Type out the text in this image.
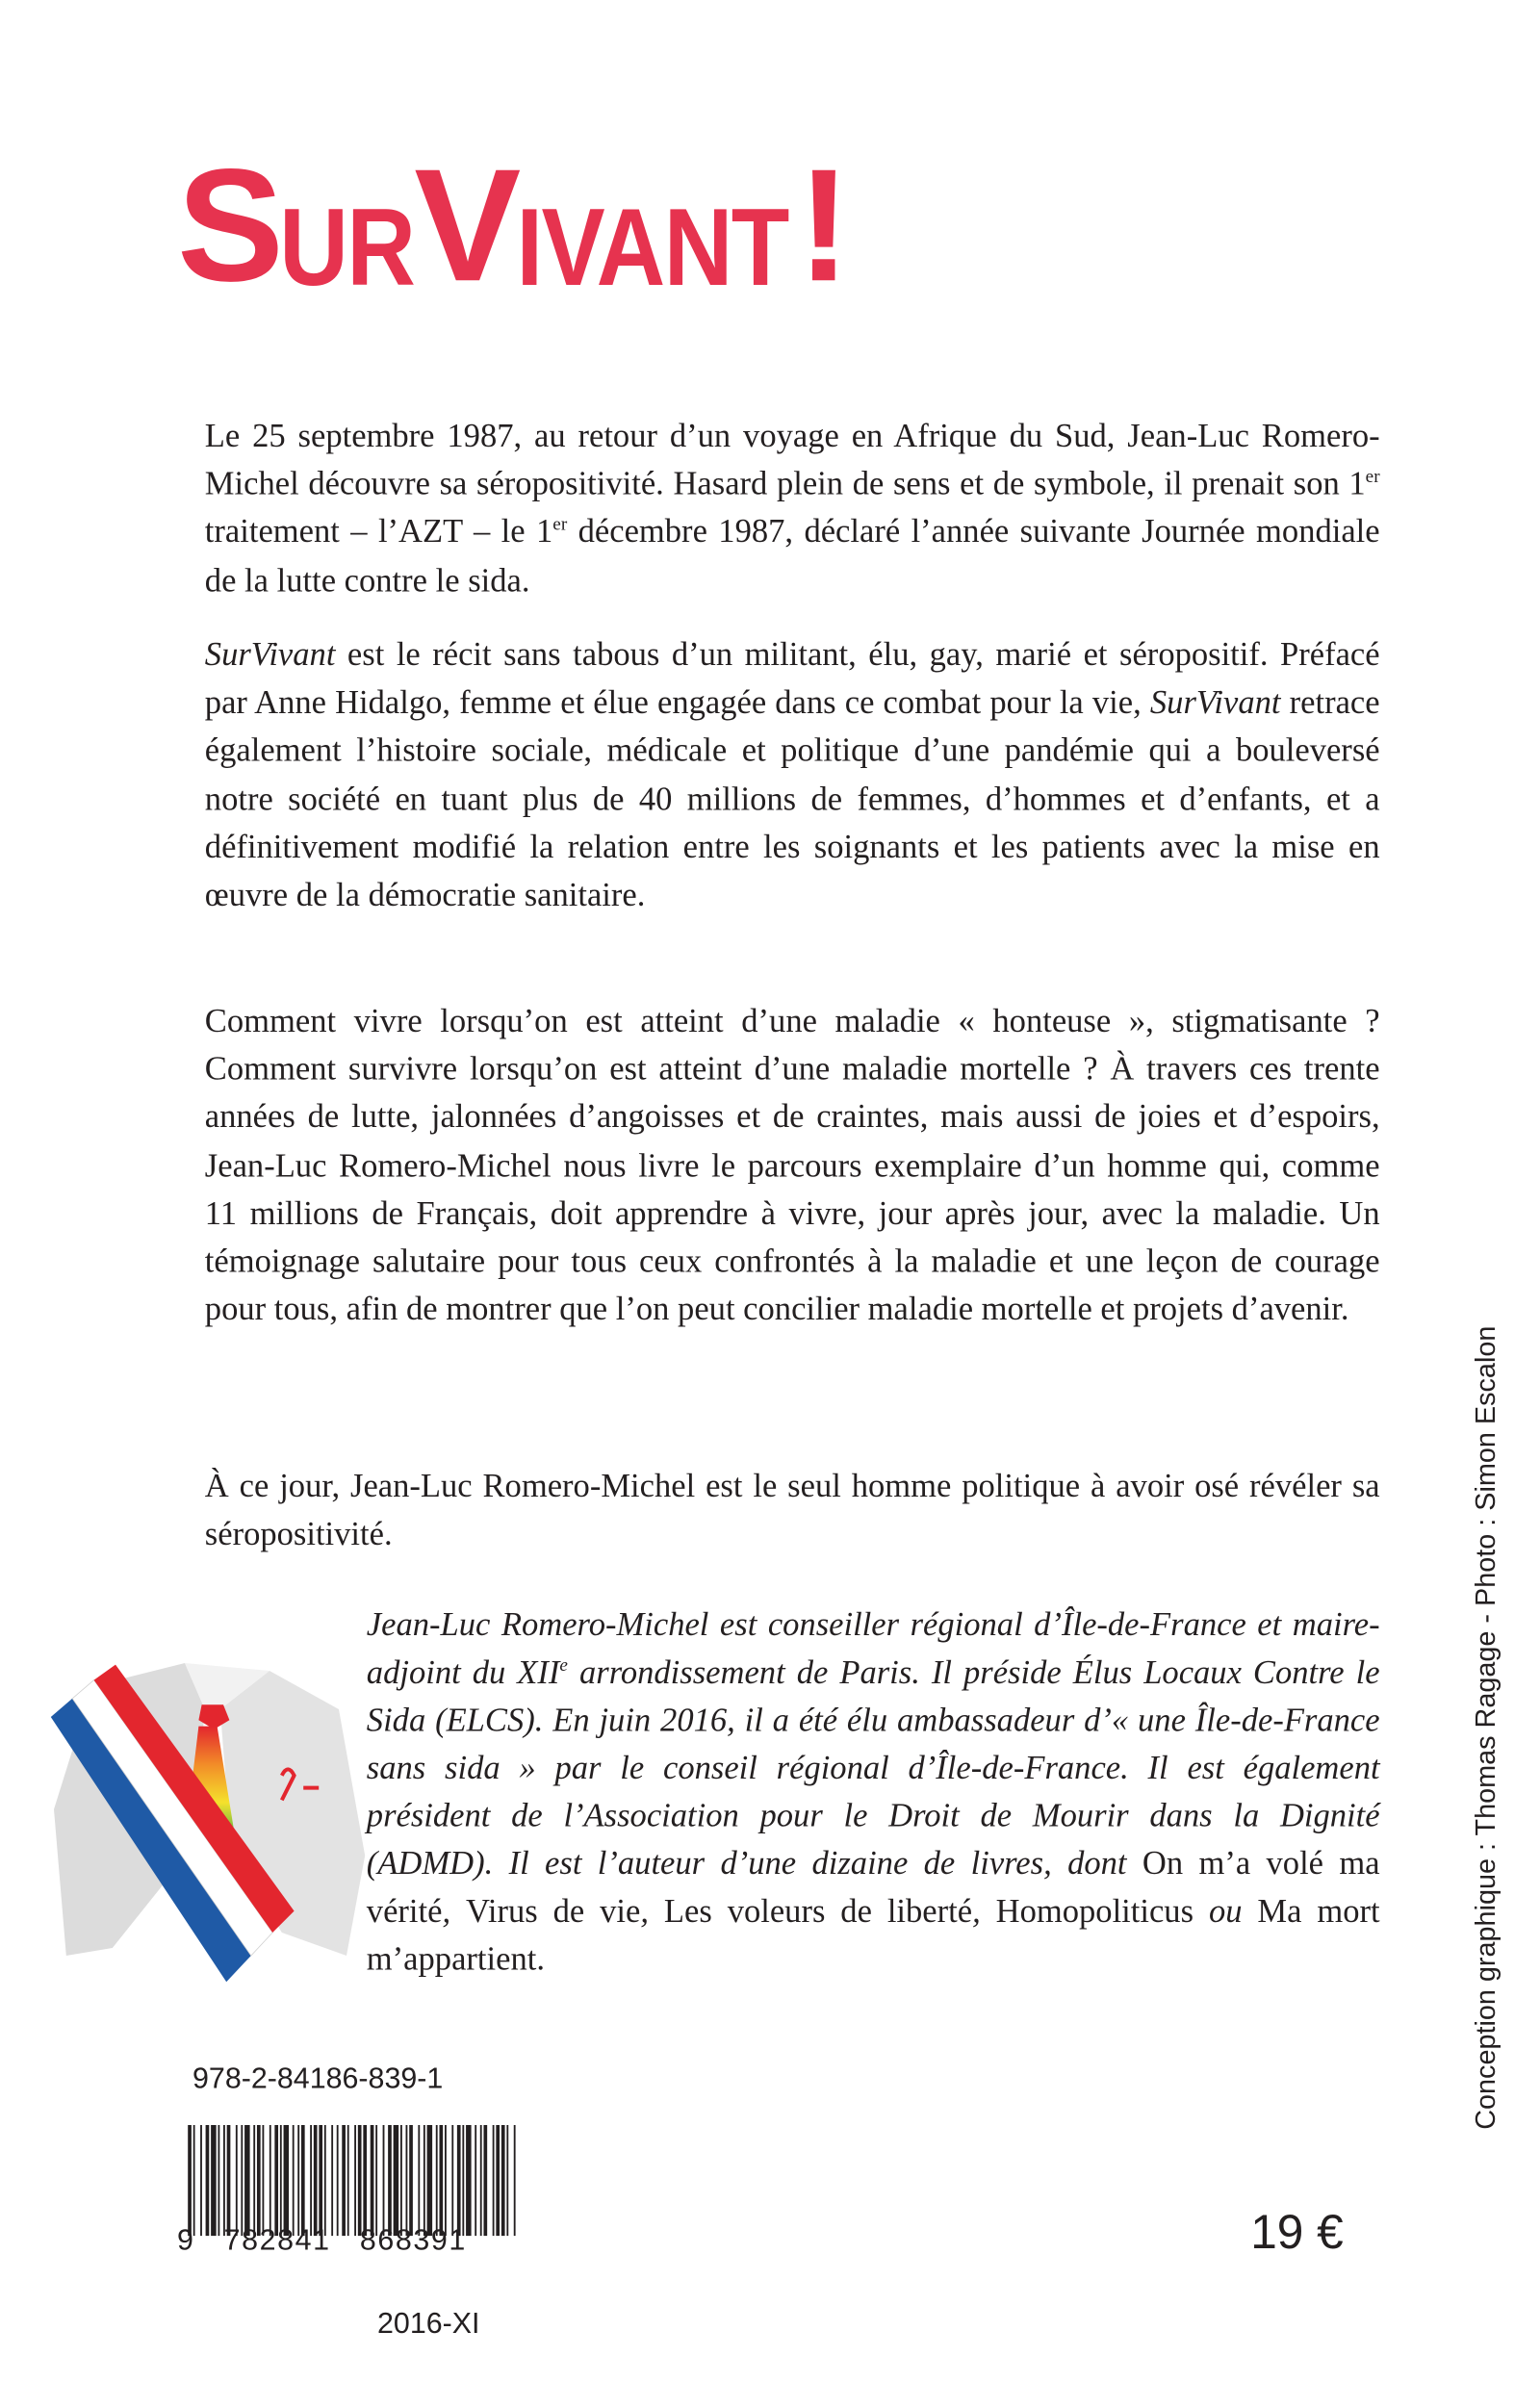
SURVIVANT!

Le 25 septembre 1987, au retour d’un voyage en Afrique du Sud, Jean-Luc Romero-Michel découvre sa séropositivité. Hasard plein de sens et de symbole, il prenait son 1er traitement – l’AZT – le 1er décembre 1987, déclaré l’année suivante Journée mondiale de la lutte contre le sida.

SurVivant est le récit sans tabous d’un militant, élu, gay, marié et séropositif. Préfacé par Anne Hidalgo, femme et élue engagée dans ce combat pour la vie, SurVivant retrace également l’histoire sociale, médicale et politique d’une pandémie qui a bouleversé notre société en tuant plus de 40 millions de femmes, d’hommes et d’enfants, et a définitivement modifié la relation entre les soignants et les patients avec la mise en œuvre de la démocratie sanitaire.

Comment vivre lorsqu’on est atteint d’une maladie « honteuse », stigmatisante ? Comment survivre lorsqu’on est atteint d’une maladie mortelle ? À travers ces trente années de lutte, jalonnées d’angoisses et de craintes, mais aussi de joies et d’espoirs, Jean-Luc Romero-Michel nous livre le parcours exemplaire d’un homme qui, comme 11 millions de Français, doit apprendre à vivre, jour après jour, avec la maladie. Un témoignage salutaire pour tous ceux confrontés à la maladie et une leçon de courage pour tous, afin de montrer que l’on peut concilier maladie mortelle et projets d’avenir.

À ce jour, Jean-Luc Romero-Michel est le seul homme politique à avoir osé révéler sa séropositivité.

Jean-Luc Romero-Michel est conseiller régional d’Île-de-France et maire-adjoint du XIIe arrondissement de Paris. Il préside Élus Locaux Contre le Sida (ELCS). En juin 2016, il a été élu ambassadeur d’« une Île-de-France sans sida » par le conseil régional d’Île-de-France. Il est également président de l’Association pour le Droit de Mourir dans la Dignité (ADMD). Il est l’auteur d’une dizaine de livres, dont On m’a volé ma vérité, Virus de vie, Les voleurs de liberté, Homopoliticus ou Ma mort m’appartient.

978-2-84186-839-1

9   782841   868391

2016-XI

19 €

Conception graphique : Thomas Ragage - Photo : Simon Escalon
